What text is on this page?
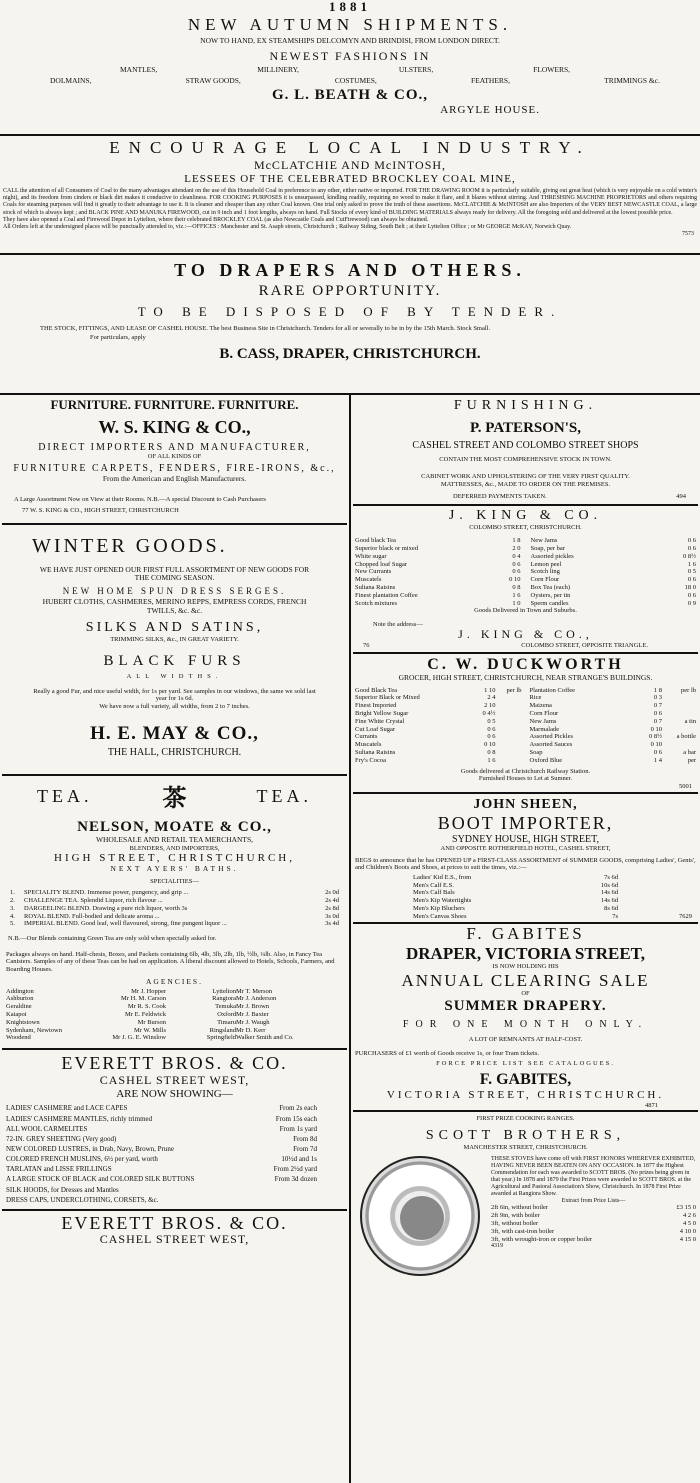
1881
NEW AUTUMN SHIPMENTS.
NOW TO HAND, EX STEAMSHIPS DELCOMYN AND BRINDISI, FROM LONDON DIRECT.
NEWEST FASHIONS IN
MANTLES,	MILLINERY,	ULSTERS,	FLOWERS,
DOLMAINS,	STRAW GOODS,	COSTUMES,	FEATHERS,	TRIMMINGS &c.
G. L. BEATH & CO.,
ARGYLE HOUSE.
ENCOURAGE LOCAL INDUSTRY.
McCLATCHIE AND McINTOSH,
LESSEES OF THE CELEBRATED BROCKLEY COAL MINE,
CALL the attention of all Consumers of Coal to the many advantages attendant on the use of this Household Coal in preference to any other, either native or imported. FOR THE DRAWING ROOM it is particularly suitable, giving out great heat (which is very enjoyable on a cold winter's night), and its freedom from cinders or black dirt makes it conducive to cleanliness. FOR COOKING PURPOSES it is unsurpassed, kindling readily, requiring no wood to make it flare, and it blazes without stirring. And THRESHING MACHINE PROPRIETORS and others requiring Coals for steaming purposes will find it greatly to their advantage to use it. It is cleaner and cheaper than any other Coal known. One trial only asked to prove the truth of these assertions. McCLATCHIE & McINTOSH are also Importers of the VERY BEST NEWCASTLE COAL, a large stock of which is always kept ; and BLACK PINE AND MANUKA FIREWOOD, cut in 9 inch and 1 foot lengths, always on hand. Full Stocks of every kind of BUILDING MATERIALS always ready for delivery. All the foregoing sold and delivered at the lowest possible price.
They have also opened a Coal and Firewood Depot in Lyttelton, where their celebrated BROCKLEY COAL (as also Newcastle Coals and CutFirewood) can always be obtained.
All Orders left at the undersigned places will be punctually attended to, viz.:—OFFICES : Manchester and St. Asaph streets, Christchurch ; Railway Siding, South Belt ; at their Lyttelton Office ; or Mr GEORGE McKAY, Norwich Quay.
7573
TO DRAPERS AND OTHERS.
RARE OPPORTUNITY.
TO BE DISPOSED OF BY TENDER.
THE STOCK, FITTINGS, AND LEASE OF CASHEL HOUSE. The best Business Site in Christchurch. Tenders for all or severally to be in by the 15th March. Stock Small.
For particulars, apply
B. CASS, DRAPER, CHRISTCHURCH.
FURNITURE. FURNITURE. FURNITURE.
W. S. KING & CO.,
DIRECT IMPORTERS AND MANUFACTURER,
OF ALL KINDS OF
FURNITURE CARPETS, FENDERS, FIRE-IRONS, &c.,
From the American and English Manufacturers.
A Large Assortment Now on View at their Rooms. N.B.—A special Discount to Cash Purchasers
77 W. S. KING & CO., HIGH STREET, CHRISTCHURCH
WINTER GOODS.
WE HAVE JUST OPENED OUR FIRST FULL ASSORTMENT OF NEW GOODS FOR THE COMING SEASON.
NEW HOME SPUN DRESS SERGES.
HUBERT CLOTHS, CASHMERES, MERINO REPPS, EMPRESS CORDS, FRENCH TWILLS, &c. &c.
SILKS AND SATINS,
TRIMMING SILKS, &c., IN GREAT VARIETY.
BLACK FURS
ALL WIDTHS.
Really a good Fur, and nice useful width, for 1s per yard. See samples in our windows, the same we sold last year for 1s 6d.
We have now a full variety, all widths, from 2 to 7 inches.
H. E. MAY & CO.,
THE HALL, CHRISTCHURCH.
TEA.	茶	TEA.
NELSON, MOATE & CO.,
WHOLESALE AND RETAIL TEA MERCHANTS,
BLENDERS, AND IMPORTERS,
HIGH STREET, CHRISTCHURCH,
NEXT AYERS' BATHS.
SPECIALITIES—
1.	SPECIALITY BLEND. Immense power, pungency, and grip ...	2s 0d
2.	CHALLENGE TEA. Splendid Liquor, rich flavour ...	2s 4d
3.	DARGEELING BLEND. Drawing a pure rich liquor, worth 3s	2s 8d
4.	ROYAL BLEND. Full-bodied and delicate aroma ...	3s 0d
5.	IMPERIAL BLEND. Good leaf, well flavoured, strong, fine pungent liquor ...	3s 4d
N.B.—Our Blends containing Green Tea are only sold when specially asked for.
Packages always on hand. Half-chests, Boxes, and Packets containing 6lb, 4lb, 3lb, 2lb, 1lb, ½lb, ¼lb. Also, in Fancy Tea Canisters. Samples of any of these Teas can be had on application. A liberal discount allowed to Hotels, Schools, Farmers, and Boarding Houses.
AGENCIES.
Addington	Mr J. Hopper	Lyttelton Mr T. Merson
Ashburton	Mr H. M. Carson	Rangiora Mr J. Anderson
Geraldine	Mr R. S. Cook	Temuka Mr J. Brown
Kaiapoi	Mr E. Feldwick	Oxford Mr J. Baxter
Knightstown	Mr Burson	Timaru Mr J. Waugh
Sydenham, Newtown	Mr W. Mills	Ringsland Mr D. Kerr
Woodend	Mr J. G. E. Winslow	Springfield Walker Smith and Co.
EVERETT BROS. & CO.
CASHEL STREET WEST,
ARE NOW SHOWING—
LADIES' CASHMERE and LACE CAPES	From 2s each
LADIES' CASHMERE MANTLES, richly trimmed	From 15s each
ALL WOOL CARMELITES	From 1s yard
72-IN. GREY SHEETING (Very good)	From 8d
NEW COLORED LUSTRES, in Drab, Navy, Brown, Prune	From 7d
COLORED FRENCH MUSLINS, 6½ per yard, worth	10½d and 1s
TARLATAN and LISSE FRILLINGS	From 2½d yard
A LARGE STOCK OF BLACK and COLORED SILK BUTTONS	From 3d dozen
SILK HOODS, for Dresses and Mantles
DRESS CAPS, UNDERCLOTHING, CORSETS, &c.
EVERETT BROS. & CO.
CASHEL STREET WEST,
FURNISHING.
P. PATERSON'S,
CASHEL STREET AND COLOMBO STREET SHOPS
CONTAIN THE MOST COMPREHENSIVE STOCK IN TOWN.
CABINET WORK AND UPHOLSTERING OF THE VERY FIRST QUALITY.
MATTRESSES, &c., MADE TO ORDER ON THE PREMISES.
DEFERRED PAYMENTS TAKEN.	494
J. KING & CO.
COLOMBO STREET, CHRISTCHURCH.
Good black Tea	1 8
Superior black or mixed	2 0
White sugar	0 4
Chopped loaf Sugar	0 6
New Currants	0 6
Muscatels	0 10
Sultana Raisins	0 8
Finest plantation Coffee	1 6
Scotch mixtures	1 0
New Jams	0 6
Soap, per bar	0 6
Assorted pickles	0 8½
Lemon peel	1 6
Scotch ling	0 5
Corn Flour	0 6
Box Tea (each)	18 0
Oysters, per tin	0 6
Sperm candles	0 9
Goods Delivered in Town and Suburbs.
Note the address—
J. KING & CO.,
76	COLOMBO STREET, OPPOSITE TRIANGLE.
C. W. DUCKWORTH
GROCER, HIGH STREET, CHRISTCHURCH, NEAR STRANGE'S BUILDINGS.
Good Black Tea	1 10	per lb
Superior Black or Mixed	2 4
Finest Imported	2 10
Bright Yellow Sugar	0 4½
Fine White Crystal	0 5
Cut Loaf Sugar	0 6
Currants	0 6
Muscatels	0 10
Sultana Raisins	0 8
Fry's Cocoa	1 6
Plantation Coffee	1 8	per lb
Rice	0 3
Maizena	0 7
Corn Flour	0 6
New Jams	0 7	a tin
Marmalade	0 10
Assorted Pickles	0 8½	a bottle
Assorted Sauces	0 10
Soap	0 6	a bar
Oxford Blue	1 4	per
Goods delivered at Christchurch Railway Station.
Furnished Houses to Let at Sumner.
5001
JOHN SHEEN,
BOOT IMPORTER,
SYDNEY HOUSE, HIGH STREET,
AND OPPOSITE ROTHERFIELD HOTEL, CASHEL STREET,
BEGS to announce that he has OPENED UP a FIRST-CLASS ASSORTMENT of SUMMER GOODS, comprising Ladies', Gents', and Children's Boots and Shoes, at prices to suit the times, viz.:—
Ladies' Kid E.S., from	7s 6d
Men's Calf E.S.	10s 6d
Men's Calf Bals	14s 6d
Men's Kip Watertights	14s 6d
Men's Kip Bluchers	8s 6d
Men's Canvas Shoes	7s	7629
F. GABITES
DRAPER, VICTORIA STREET,
IS NOW HOLDING HIS
ANNUAL CLEARING SALE
OF
SUMMER DRAPERY.
FOR ONE MONTH ONLY.
A LOT OF REMNANTS AT HALF-COST.
PURCHASERS of £1 worth of Goods receive 1s, or four Tram tickets.
FORCE PRICE LIST SEE CATALOGUES.
F. GABITES,
VICTORIA STREET, CHRISTCHURCH.
4871
FIRST PRIZE COOKING RANGES.
SCOTT BROTHERS,
MANCHESTER STREET, CHRISTCHURCH.
THESE STOVES have come off with FIRST HONORS WHEREVER EXHIBITED, HAVING NEVER BEEN BEATEN ON ANY OCCASION. In 1877 the Highest Commendation for each was awarded to SCOTT BROS. (No prizes being given in that year.) In 1878 and 1879 the First Prizes were awarded to SCOTT BROS. at the Agricultural and Pastoral Association's Show, Christchurch. In 1878 First Prize awarded at Rangiora Show.
Extract from Price Lists—
2ft 6in, without boiler	£3 15 0
2ft 9in, with boiler	4 2 6
3ft, without boiler	4 5 0
3ft, with cast-iron boiler	4 10 0
3ft, with wrought-iron or copper boiler	4 15 0
4319
